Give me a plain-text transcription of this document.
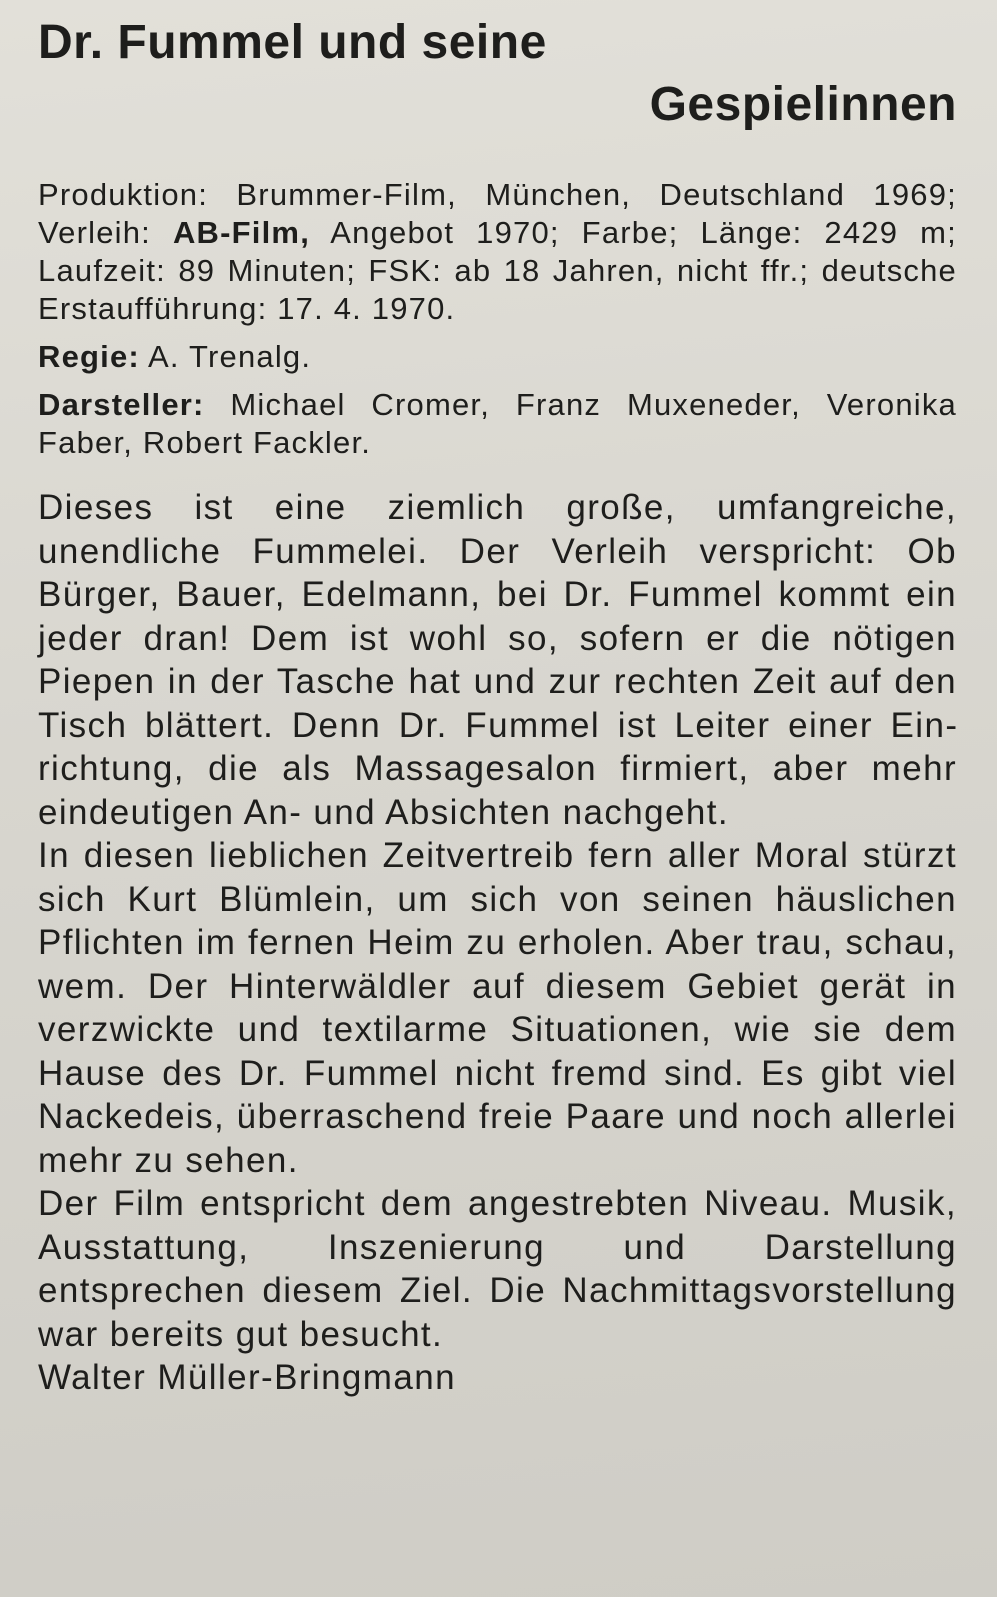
Dr. Fummel und seine
Gespielinnen
Produktion: Brummer-Film, München, Deutschland 1969; Verleih: AB-Film, Angebot 1970; Farbe; Länge: 2429 m; Laufzeit: 89 Minuten; FSK: ab 18 Jahren, nicht ffr.; deutsche Erstaufführung: 17. 4. 1970.
Regie: A. Trenalg.
Darsteller: Michael Cromer, Franz Muxeneder, Veronika Faber, Robert Fackler.

Dieses ist eine ziemlich große, umfangreiche, unendliche Fummelei. Der Verleih verspricht: Ob Bürger, Bauer, Edelmann, bei Dr. Fummel kommt ein jeder dran! Dem ist wohl so, sofern er die nötigen Piepen in der Tasche hat und zur rechten Zeit auf den Tisch blättert. Denn Dr. Fummel ist Leiter einer Einrichtung, die als Massagesalon firmiert, aber mehr eindeutigen An- und Absichten nachgeht.

In diesen lieblichen Zeitvertreib fern aller Moral stürzt sich Kurt Blümlein, um sich von seinen häuslichen Pflichten im fernen Heim zu erholen. Aber trau, schau, wem. Der Hinterwäldler auf diesem Gebiet gerät in verzwickte und textilarme Situationen, wie sie dem Hause des Dr. Fummel nicht fremd sind. Es gibt viel Nackedeis, überraschend freie Paare und noch allerlei mehr zu sehen.

Der Film entspricht dem angestrebten Niveau. Musik, Ausstattung, Inszenierung und Darstellung entsprechen diesem Ziel. Die Nachmittagsvorstellung war bereits gut besucht.

Walter Müller-Bringmann
